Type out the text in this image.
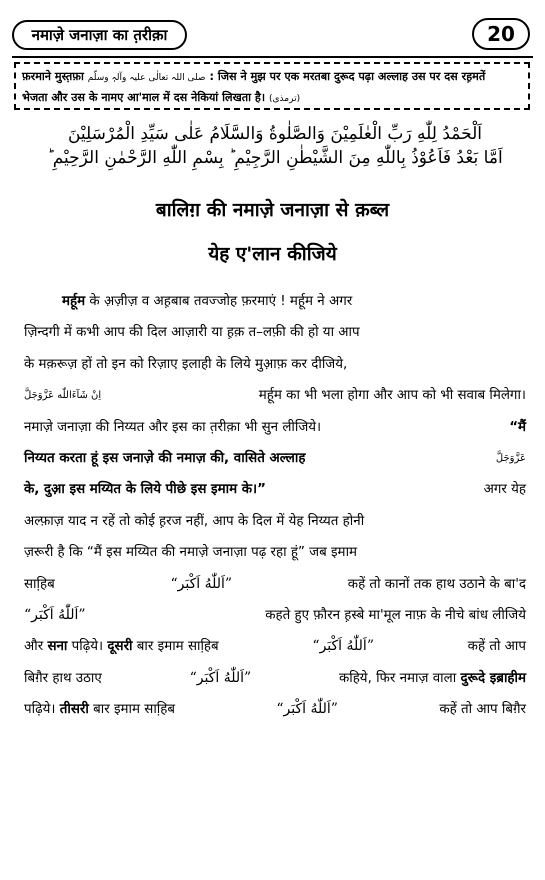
नमाज़े जनाज़ा का त़रीक़ा	20
फ़रमाने मुस्त़फ़ा صلی اللہ تعالٰی علیہ وآلہٖ وسلّم : जिस ने मुझ पर एक मरतबा दुरूद पढ़ा अल्लाह उस पर दस रह़मतें
भेजता और उस के नामए आ'माल में दस नेकियां लिखता है। (ترمذی)
اَلْحَمْدُ لِلّٰهِ رَبِّ الْعٰلَمِیْنَ وَالصَّلٰوةُ وَالسَّلَامُ عَلٰی سَیِّدِ الْمُرْسَلِیْنَ
اَمَّا بَعْدُ فَاَعُوْذُ بِاللّٰهِ مِنَ الشَّیْطٰنِ الرَّجِیْمِ ؕ بِسْمِ اللّٰهِ الرَّحْمٰنِ الرَّحِیْمِ ؕ
बालिग़ की नमाज़े जनाज़ा से क़ब्ल
येह ए'लान कीजिये
मर्हूम के अ़ज़ीज़ व अह़बाब तवज्जोह फ़रमाएं ! मर्हूम ने अगर
ज़िन्दगी में कभी आप की दिल आज़ारी या ह़क़ त–लफ़ी की हो या आप
के मक़रूज़ हों तो इन को रिज़ाए इलाही के लिये मुआ़फ़ कर दीजिये,
اِنْ شَآءَاللّٰه عَزَّوَجَلَّ	मर्हूम का भी भला होगा और आप को भी सवाब मिलेगा।
नमाज़े जनाज़ा की निय्यत और इस का त़रीक़ा भी सुन लीजिये।	“मैं
निय्यत करता हूं इस जनाज़े की नमाज़ की, वासिते अल्लाह	عَزَّوَجَلَّ
के, दुआ़ इस मय्यित के लिये पीछे इस इमाम के।”	अगर येह
अल्फ़ाज़ याद न रहें तो कोई ह़रज नहीं, आप के दिल में येह निय्यत होनी
ज़रूरी है कि “मैं इस मय्यित की नमाज़े जनाज़ा पढ़ रहा हूं” जब इमाम
साहि़ब	“اَللّٰهُ اَكْبَر”	कहें तो कानों तक हाथ उठाने के बा'द
“اَللّٰهُ اَكْبَر”	कहते हुए फ़ौरन ह़स्बे मा'मूल नाफ़ के नीचे बांध लीजिये
और सना पढ़िये। दूसरी बार इमाम साहि़ब	“اَللّٰهُ اَكْبَر”	कहें तो आप
बिग़ैर हाथ उठाए	“اَللّٰهُ اَكْبَر”	कहिये, फिर नमाज़ वाला दुरूदे इब्राहीम
पढ़िये। तीसरी बार इमाम साहि़ब	“اَللّٰهُ اَكْبَر”	कहें तो आप बिग़ैर
